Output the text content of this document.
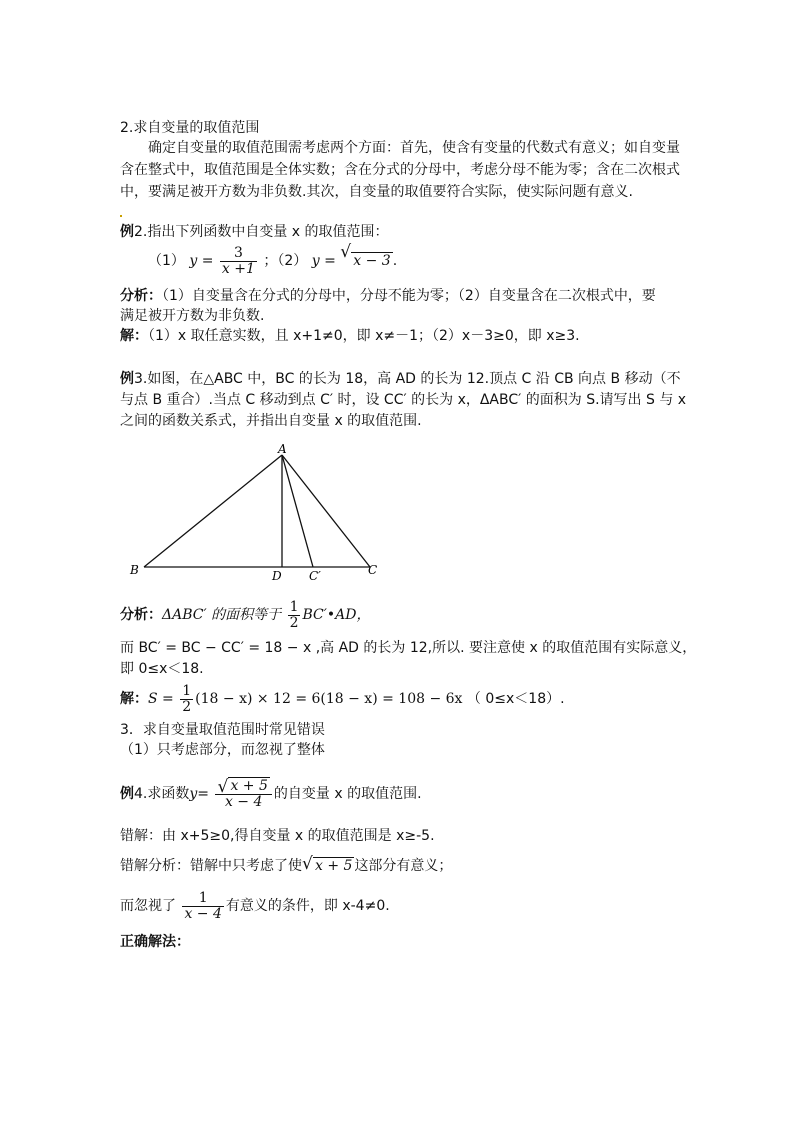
2.求自变量的取值范围
确定自变量的取值范围需考虑两个方面：首先，使含有变量的代数式有意义；如自变量
含在整式中，取值范围是全体实数；含在分式的分母中，考虑分母不能为零；含在二次根式
中，要满足被开方数为非负数.其次，自变量的取值要符合实际，使实际问题有意义.
例2.指出下列函数中自变量 x 的取值范围：
（1） $y = \frac{3}{x +1}$ ；（2） y = √ x − 3 .
分析：（1）自变量含在分式的分母中，分母不能为零；（2）自变量含在二次根式中，要
满足被开方数为非负数.
解：（1）x 取任意实数，且 x+1≠0，即 x≠－1；（2）x－3≥0，即 x≥3.
例3.如图，在△ABC 中，BC 的长为 18，高 AD 的长为 12.顶点 C 沿 CB 向点 B 移动（不
与点 B 重合）.当点 C 移动到点 C′ 时，设 CC′ 的长为 x，ΔABC′ 的面积为 S.请写出 S 与 x
之间的函数关系式，并指出自变量 x 的取值范围.
A
B	D C′	C
分析：ΔABC′ 的面积等于 $\frac{1}{2}$ BC′•AD，
而 BC′ = BC − CC′ = 18 − x ,高 AD 的长为 12,所以. 要注意使 x 的取值范围有实际意义，
即 0≤x＜18.
解：$S = \frac{1}{2} (18 - x) \times 12 = 6(18 - x) = 108 - 6x$ （ 0≤x＜18）.
3．求自变量取值范围时常见错误
（1）只考虑部分，而忽视了整体
例4.求函数$y= \frac{√ x + 5}{x - 4}$ 的自变量 x 的取值范围.
错解：由 x+5≥0,得自变量 x 的取值范围是 x≥-5.
错解分析：错解中只考虑了使 √ x + 5 这部分有意义；
而忽视了 $\frac{1}{x - 4}$ 有意义的条件，即 x-4≠0.
正确解法：
